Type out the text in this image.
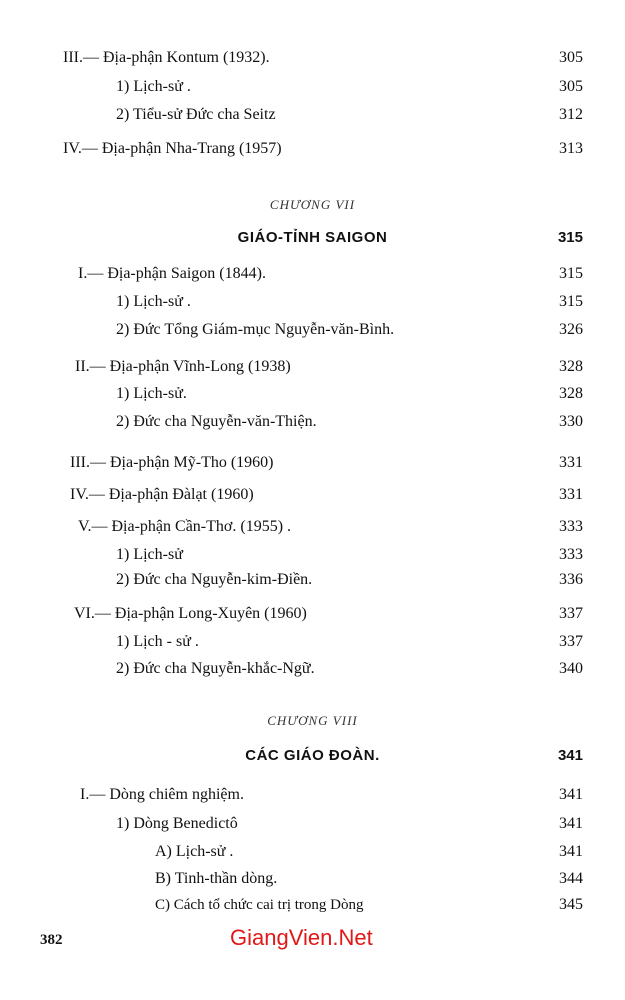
III.— Địa-phận Kontum (1932).	305
1) Lịch-sử .	305
2) Tiểu-sử Đức cha Seitz	312
IV.— Địa-phận Nha-Trang (1957)	313
CHƯƠNG VII
GIÁO-TỈNH SAIGON	315
I.— Địa-phận Saigon (1844).	315
1) Lịch-sử .	315
2) Đức Tổng Giám-mục Nguyễn-văn-Bình.	326
II.— Địa-phận Vĩnh-Long (1938)	328
1) Lịch-sử.	328
2) Đức cha Nguyễn-văn-Thiện.	330
III.— Địa-phận Mỹ-Tho (1960)	331
IV.— Địa-phận Đàlạt (1960)	331
V.— Địa-phận Cần-Thơ. (1955) .	333
1) Lịch-sử	333
2) Đức cha Nguyễn-kim-Điền.	336
VI.— Địa-phận Long-Xuyên (1960)	337
1) Lịch - sử .	337
2) Đức cha Nguyễn-khắc-Ngữ.	340
CHƯƠNG VIII
CÁC GIÁO ĐOÀN.	341
I.— Dòng chiêm nghiệm.	341
1) Dòng Benedictô	341
A) Lịch-sử .	341
B) Tinh-thần dòng.	344
C) Cách tổ chức cai trị trong Dòng	345
382	GiangVien.Net
